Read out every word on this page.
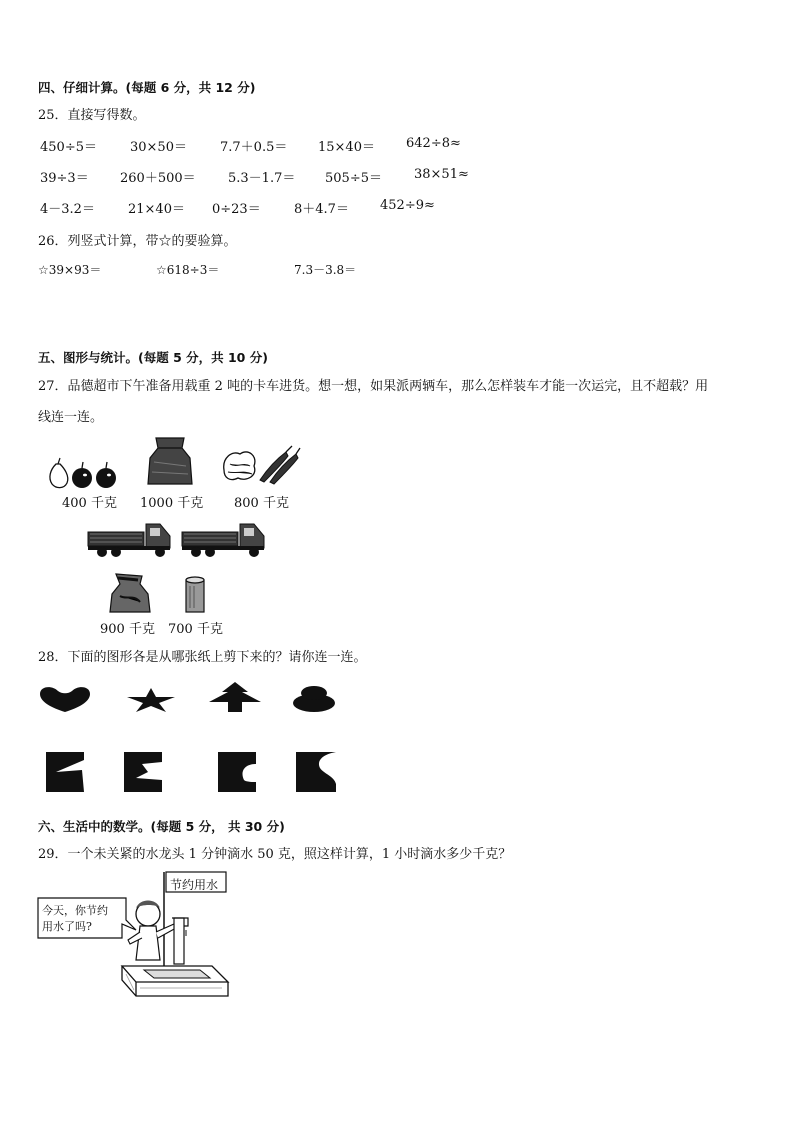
四、仔细计算。(每题 6 分，共 12 分)
25．直接写得数。
450÷5＝	30×50＝	7.7＋0.5＝ 15×40＝ 642÷8≈
39÷3＝ 260＋500＝ 5.3－1.7＝ 505÷5＝ 38×51≈
4－3.2＝	21×40＝ 0÷23＝	8＋4.7＝ 452÷9≈
26．列竖式计算，带☆的要验算。
☆39×93＝	☆618÷3＝	7.3－3.8＝
五、图形与统计。(每题 5 分，共 10 分)
27．品德超市下午准备用载重 2 吨的卡车进货。想一想，如果派两辆车，那么怎样装车才能一次运完，且不超载？用
线连一连。
400 千克 1000 千克 800 千克
900 千克 700 千克
28．下面的图形各是从哪张纸上剪下来的？请你连一连。
六、生活中的数学。(每题 5 分， 共 30 分)
29．一个未关紧的水龙头 1 分钟滴水 50 克，照这样计算，1 小时滴水多少千克？
节约用水
今天，你节约
用水了吗?
